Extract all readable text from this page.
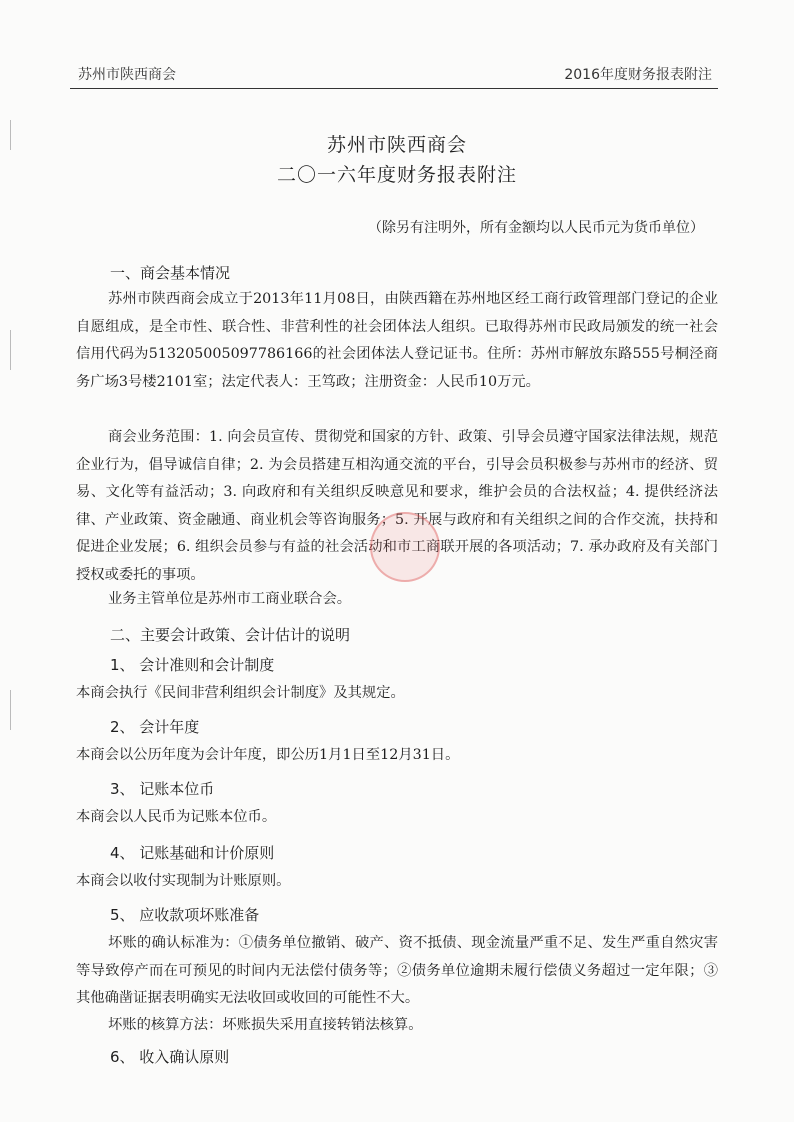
苏州市陕西商会	2016年度财务报表附注
苏州市陕西商会
二〇一六年度财务报表附注
（除另有注明外，所有金额均以人民币元为货币单位）
一、商会基本情况

苏州市陕西商会成立于2013年11月08日，由陕西籍在苏州地区经工商行政管理部门登记的企业自愿组成，是全市性、联合性、非营利性的社会团体法人组织。已取得苏州市民政局颁发的统一社会信用代码为51320500509778616​6的社会团体法人登记证书。住所：苏州市解放东路555号桐泾商务广场3号楼2101室；法定代表人：王笃政；注册资金：人民币10万元。

商会业务范围：1. 向会员宣传、贯彻党和国家的方针、政策、引导会员遵守国家法律法规，规范企业行为，倡导诚信自律；2. 为会员搭建互相沟通交流的平台，引导会员积极参与苏州市的经济、贸易、文化等有益活动；3. 向政府和有关组织反映意见和要求，维护会员的合法权益；4. 提供经济法律、产业政策、资金融通、商业机会等咨询服务；5. 开展与政府和有关组织之间的合作交流，扶持和促进企业发展；6. 组织会员参与有益的社会活动和市工商联开展的各项活动；7. 承办政府及有关部门授权或委托的事项。

业务主管单位是苏州市工商业联合会。

二、主要会计政策、会计估计的说明
1、 会计准则和会计制度

本商会执行《民间非营利组织会计制度》及其规定。

2、 会计年度

本商会以公历年度为会计年度，即公历1月1日至12月31日。

3、 记账本位币

本商会以人民币为记账本位币。

4、 记账基础和计价原则

本商会以收付实现制为计账原则。

5、 应收款项坏账准备

坏账的确认标准为：①债务单位撤销、破产、资不抵债、现金流量严重不足、发生严重自然灾害等导致停产而在可预见的时间内无法偿付债务等；②债务单位逾期未履行偿债义务超过一定年限；③其他确凿证据表明确实无法收回或收回的可能性不大。

坏账的核算方法：坏账损失采用直接转销法核算。

6、 收入确认原则
